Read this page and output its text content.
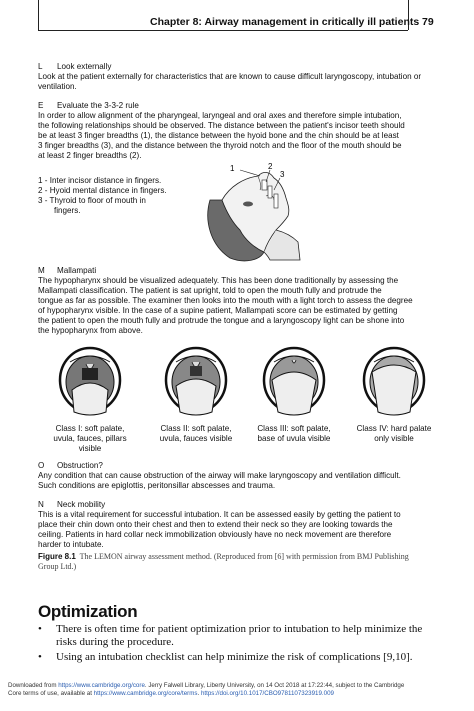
Chapter 8: Airway management in critically ill patients 79
L Look externally
Look at the patient externally for characteristics that are known to cause difficult laryngoscopy, intubation or ventilation.
E Evaluate the 3-3-2 rule
In order to allow alignment of the pharyngeal, laryngeal and oral axes and therefore simple intubation,
the following relationships should be observed. The distance between the patient's incisor teeth should
be at least 3 finger breadths (1), the distance between the hyoid bone and the chin should be at least
3 finger breadths (3), and the distance between the thyroid notch and the floor of the mouth should be
at least 2 finger breadths (2).
1 - Inter incisor distance in fingers.
2 - Hyoid mental distance in fingers.
3 - Thyroid to floor of mouth in
fingers.
1	2
3
M Mallampati
The hypopharynx should be visualized adequately. This has been done traditionally by assessing the
Mallampati classification. The patient is sat upright, told to open the mouth fully and protrude the
tongue as far as possible. The examiner then looks into the mouth with a light torch to assess the degree
of hypopharynx visible. In the case of a supine patient, Mallampati score can be estimated by getting
the patient to open the mouth fully and protrude the tongue and a laryngoscopy light can be shone into
the hypopharynx from above.
Class I: soft palate,
uvula, fauces, pillars
visible
Class II: soft palate,
uvula, fauces visible
Class III: soft palate,
base of uvula visible
Class IV: hard palate
only visible
O Obstruction?
Any condition that can cause obstruction of the airway will make laryngoscopy and ventilation difficult.
Such conditions are epiglottis, peritonsillar abscesses and trauma.
N Neck mobility
This is a vital requirement for successful intubation. It can be assessed easily by getting the patient to
place their chin down onto their chest and then to extend their neck so they are looking towards the
ceiling. Patients in hard collar neck immobilization obviously have no neck movement are therefore
harder to intubate.
Figure 8.1 The LEMON airway assessment method. (Reproduced from [6] with permission from BMJ Publishing
Group Ltd.)
Optimization
• There is often time for patient optimization prior to intubation to help minimize the
risks during the procedure.
• Using an intubation checklist can help minimize the risk of complications [9,10].
Downloaded from https://www.cambridge.org/core. Jerry Falwell Library, Liberty University, on 14 Oct 2018 at 17:22:44, subject to the Cambridge
Core terms of use, available at https://www.cambridge.org/core/terms. https://doi.org/10.1017/CBO9781107323919.009
